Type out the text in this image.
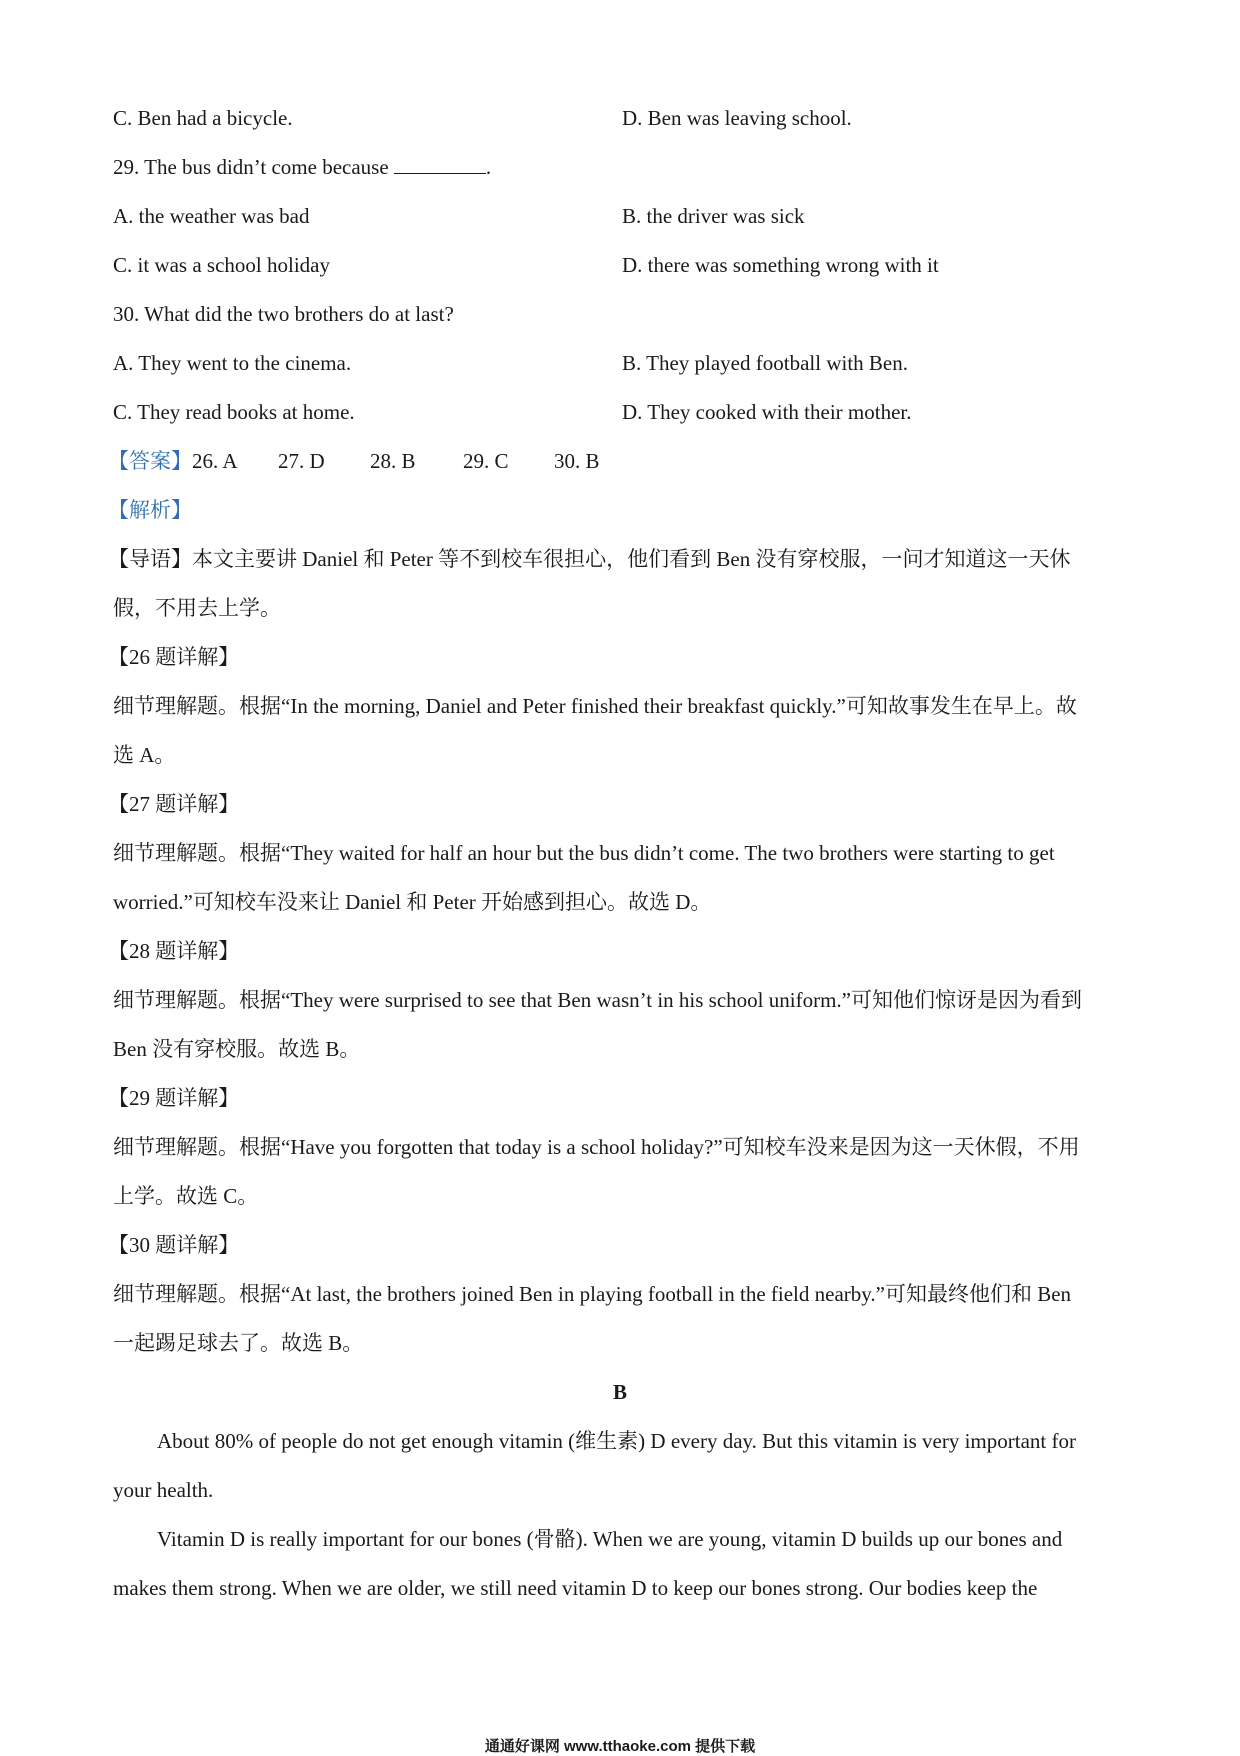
C. Ben had a bicycle.	D. Ben was leaving school.
29. The bus didn’t come because	.
A. the weather was bad	B. the driver was sick
C. it was a school holiday	D. there was something wrong with it
30. What did the two brothers do at last?
A. They went to the cinema.	B. They played football with Ben.
C. They read books at home.	D. They cooked with their mother.
【答案】26. A 27. D 28. B 29. C 30. B
【解析】
【导语】本文主要讲 Daniel 和 Peter 等不到校车很担心，他们看到 Ben 没有穿校服，一问才知道这一天休
假，不用去上学。
【26 题详解】
细节理解题。根据“In the morning, Daniel and Peter finished their breakfast quickly.”可知故事发生在早上。故
选 A。
【27 题详解】
细节理解题。根据“They waited for half an hour but the bus didn’t come. The two brothers were starting to get
worried.”可知校车没来让 Daniel 和 Peter 开始感到担心。故选 D。
【28 题详解】
细节理解题。根据“They were surprised to see that Ben wasn’t in his school uniform.”可知他们惊讶是因为看到
Ben 没有穿校服。故选 B。
【29 题详解】
细节理解题。根据“Have you forgotten that today is a school holiday?”可知校车没来是因为这一天休假，不用
上学。故选 C。
【30 题详解】
细节理解题。根据“At last, the brothers joined Ben in playing football in the field nearby.”可知最终他们和 Ben
一起踢足球去了。故选 B。
B
About 80% of people do not get enough vitamin (维生素) D every day. But this vitamin is very important for
your health.
Vitamin D is really important for our bones (骨骼). When we are young, vitamin D builds up our bones and
makes them strong. When we are older, we still need vitamin D to keep our bones strong. Our bodies keep the
通通好课网 www.tthaoke.com 提供下载
